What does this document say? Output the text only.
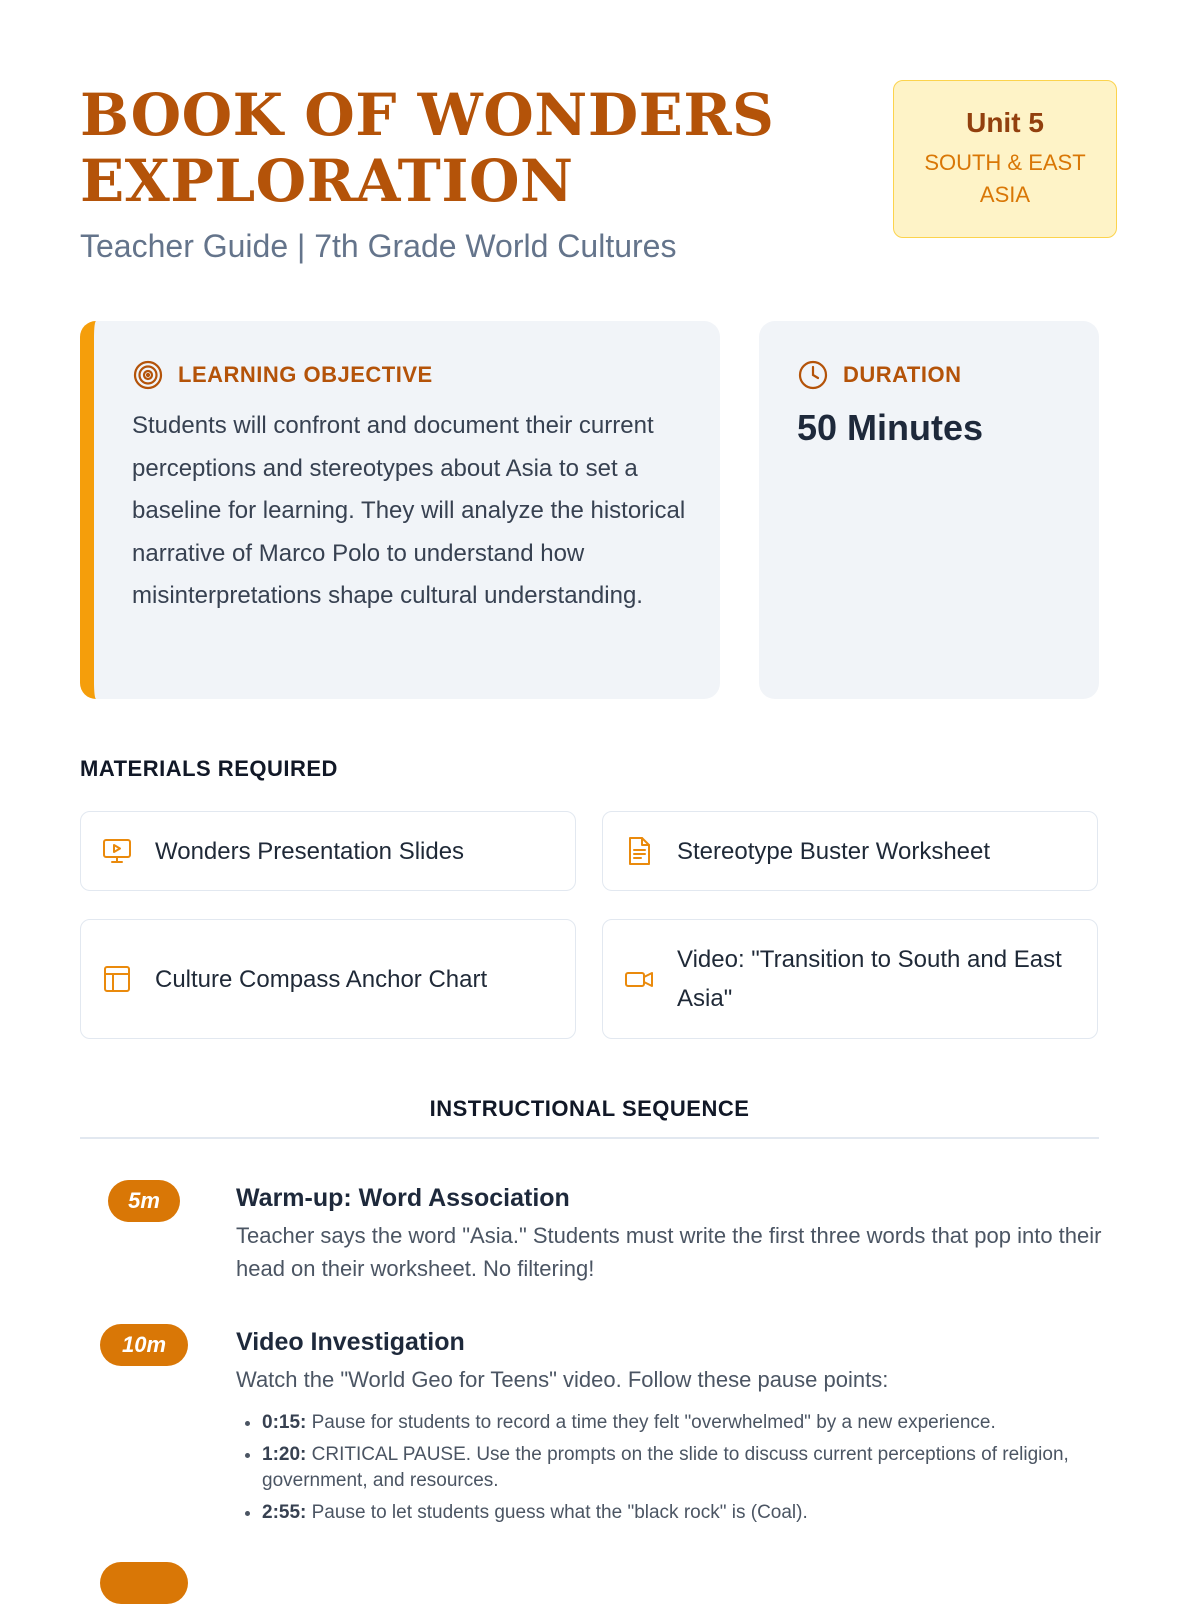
BOOK OF WONDERS
EXPLORATION
Teacher Guide | 7th Grade World Cultures
Unit 5
SOUTH & EAST ASIA
LEARNING OBJECTIVE
Students will confront and document their current perceptions and stereotypes about Asia to set a baseline for learning. They will analyze the historical narrative of Marco Polo to understand how misinterpretations shape cultural understanding.
DURATION
50 Minutes
MATERIALS REQUIRED
Wonders Presentation Slides	Stereotype Buster Worksheet
Culture Compass Anchor Chart
Video: "Transition to South and East Asia"
INSTRUCTIONAL SEQUENCE
5m	Warm-up: Word Association
Teacher says the word "Asia." Students must write the first three words that pop into their head on their worksheet. No filtering!
10m	Video Investigation
Watch the "World Geo for Teens" video. Follow these pause points:
• 0:15: Pause for students to record a time they felt "overwhelmed" by a new experience.
• 1:20: CRITICAL PAUSE. Use the prompts on the slide to discuss current perceptions of religion, government, and resources.
• 2:55: Pause to let students guess what the "black rock" is (Coal).
